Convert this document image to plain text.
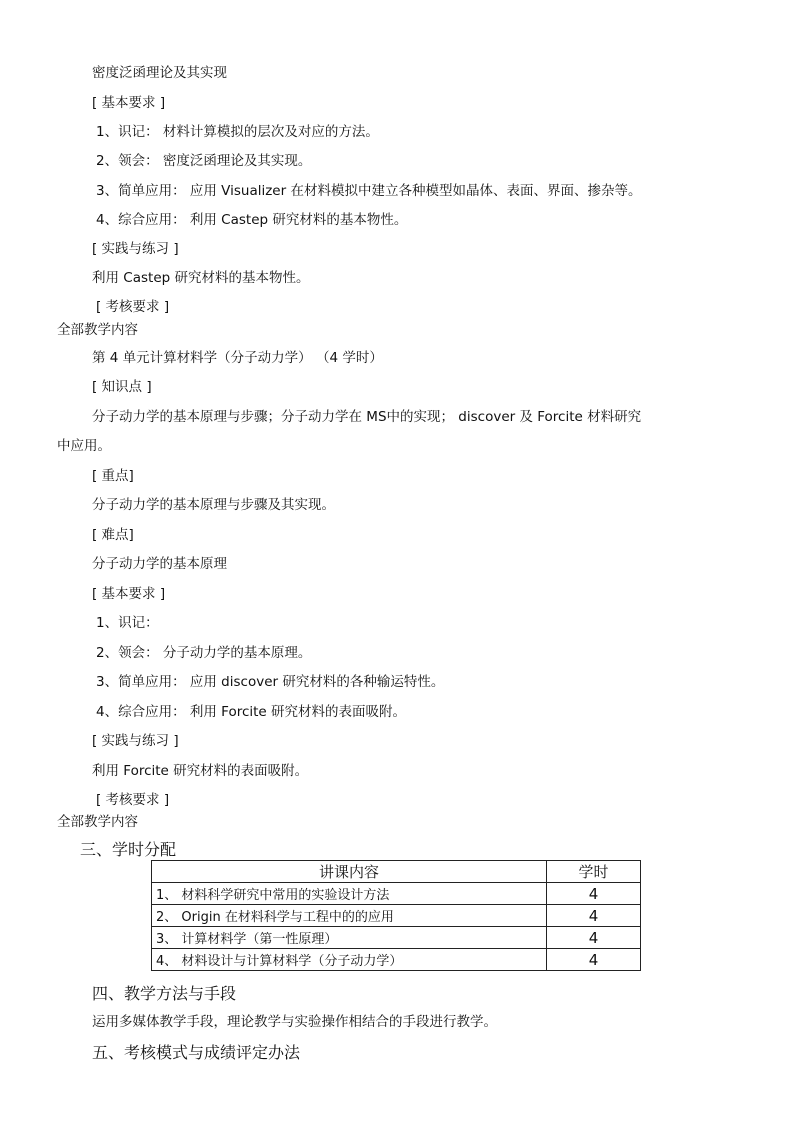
密度泛函理论及其实现
[ 基本要求 ]
1、识记： 材料计算模拟的层次及对应的方法。
2、领会： 密度泛函理论及其实现。
3、简单应用： 应用 Visualizer 在材料模拟中建立各种模型如晶体、表面、界面、掺杂等。
4、综合应用： 利用 Castep 研究材料的基本物性。
[ 实践与练习 ]
利用 Castep 研究材料的基本物性。
[ 考核要求 ]
全部教学内容
第 4 单元计算材料学（分子动力学） （4 学时）
[ 知识点 ]
分子动力学的基本原理与步骤；分子动力学在 MS中的实现； discover 及 Forcite 材料研究
中应用。
[ 重点]
分子动力学的基本原理与步骤及其实现。
[ 难点]
分子动力学的基本原理
[ 基本要求 ]
1、识记：
2、领会： 分子动力学的基本原理。
3、简单应用： 应用 discover 研究材料的各种输运特性。
4、综合应用： 利用 Forcite 研究材料的表面吸附。
[ 实践与练习 ]
利用 Forcite 研究材料的表面吸附。
[ 考核要求 ]
全部教学内容
三、学时分配
讲课内容	学时
1、 材料科学研究中常用的实验设计方法	4
2、 Origin 在材料科学与工程中的的应用	4
3、 计算材料学（第一性原理）	4
4、 材料设计与计算材料学（分子动力学）	4
四、教学方法与手段
运用多媒体教学手段，理论教学与实验操作相结合的手段进行教学。
五、考核模式与成绩评定办法
